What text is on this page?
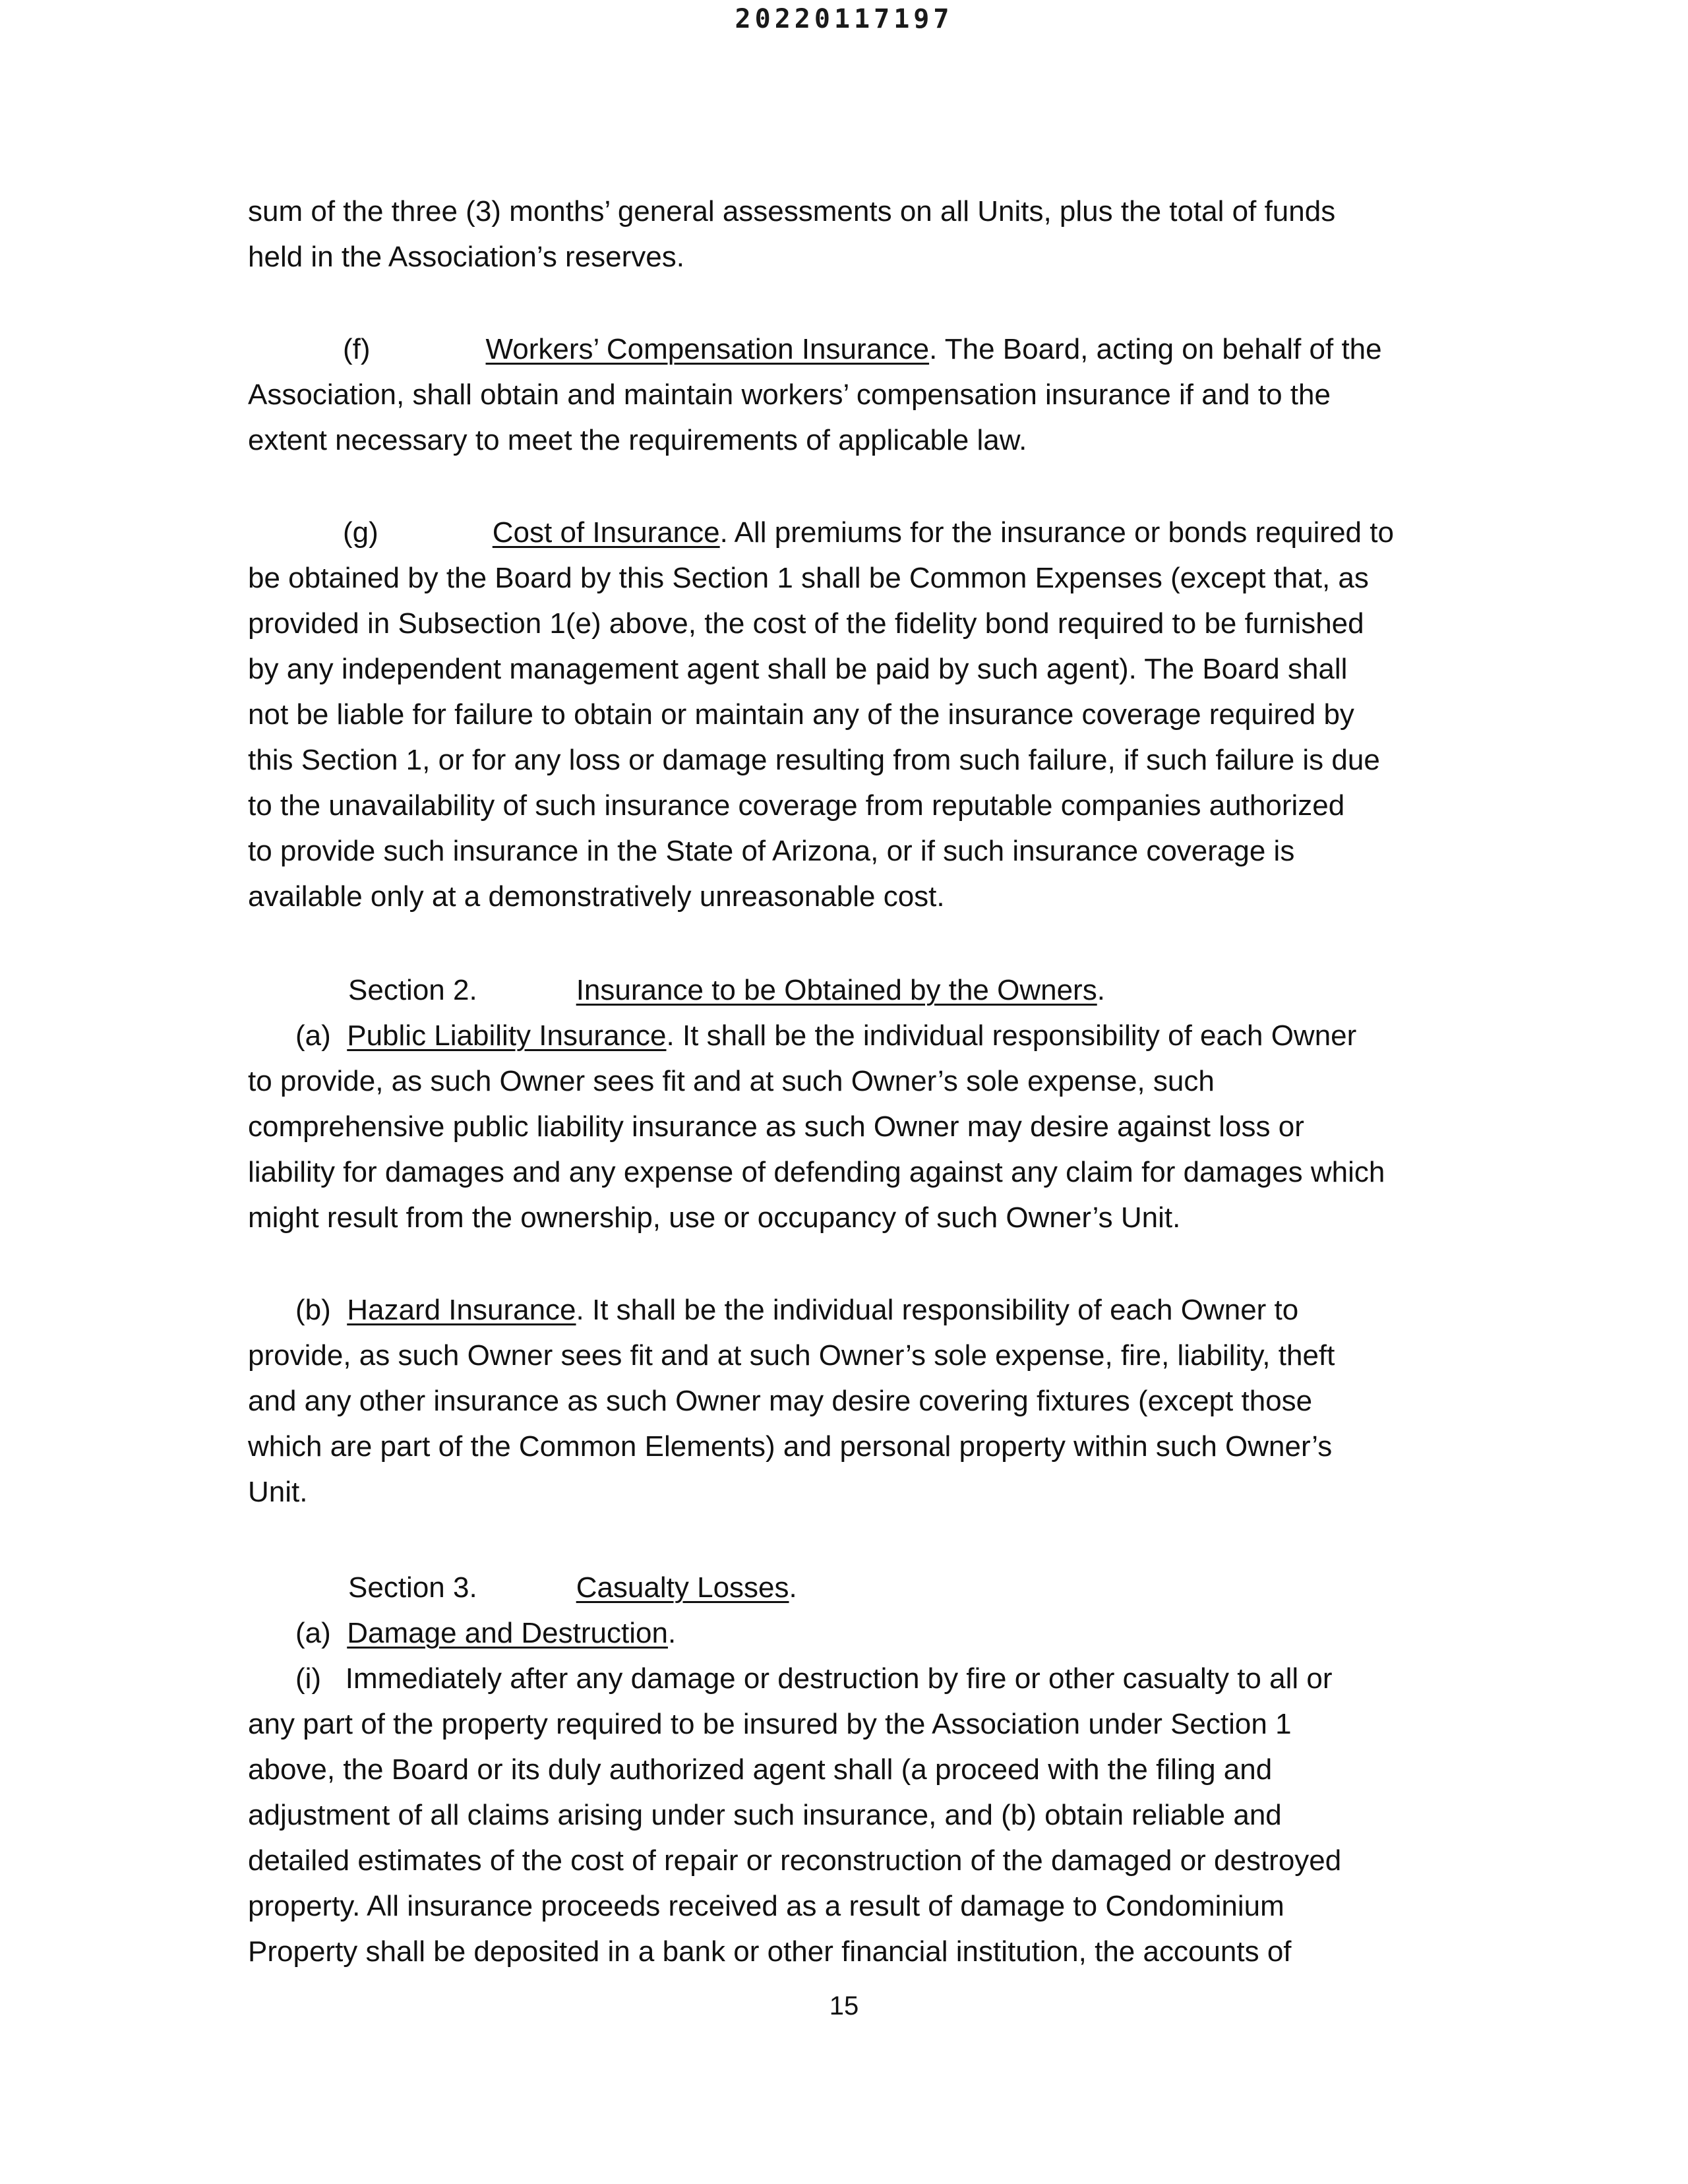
20220117197
sum of the three (3) months’ general assessments on all Units, plus the total of funds
held in the Association’s reserves.
(f)	Workers’ Compensation Insurance. The Board, acting on behalf of the
Association, shall obtain and maintain workers’ compensation insurance if and to the
extent necessary to meet the requirements of applicable law.
(g)	Cost of Insurance. All premiums for the insurance or bonds required to
be obtained by the Board by this Section 1 shall be Common Expenses (except that, as
provided in Subsection 1(e) above, the cost of the fidelity bond required to be furnished
by any independent management agent shall be paid by such agent). The Board shall
not be liable for failure to obtain or maintain any of the insurance coverage required by
this Section 1, or for any loss or damage resulting from such failure, if such failure is due
to the unavailability of such insurance coverage from reputable companies authorized
to provide such insurance in the State of Arizona, or if such insurance coverage is
available only at a demonstratively unreasonable cost.
Section 2.	Insurance to be Obtained by the Owners.
(a) Public Liability Insurance. It shall be the individual responsibility of each Owner
to provide, as such Owner sees fit and at such Owner’s sole expense, such
comprehensive public liability insurance as such Owner may desire against loss or
liability for damages and any expense of defending against any claim for damages which
might result from the ownership, use or occupancy of such Owner’s Unit.
(b) Hazard Insurance. It shall be the individual responsibility of each Owner to
provide, as such Owner sees fit and at such Owner’s sole expense, fire, liability, theft
and any other insurance as such Owner may desire covering fixtures (except those
which are part of the Common Elements) and personal property within such Owner’s
Unit.
Section 3.	Casualty Losses.
(a) Damage and Destruction.
(i) Immediately after any damage or destruction by fire or other casualty to all or
any part of the property required to be insured by the Association under Section 1
above, the Board or its duly authorized agent shall (a proceed with the filing and
adjustment of all claims arising under such insurance, and (b) obtain reliable and
detailed estimates of the cost of repair or reconstruction of the damaged or destroyed
property. All insurance proceeds received as a result of damage to Condominium
Property shall be deposited in a bank or other financial institution, the accounts of
15
